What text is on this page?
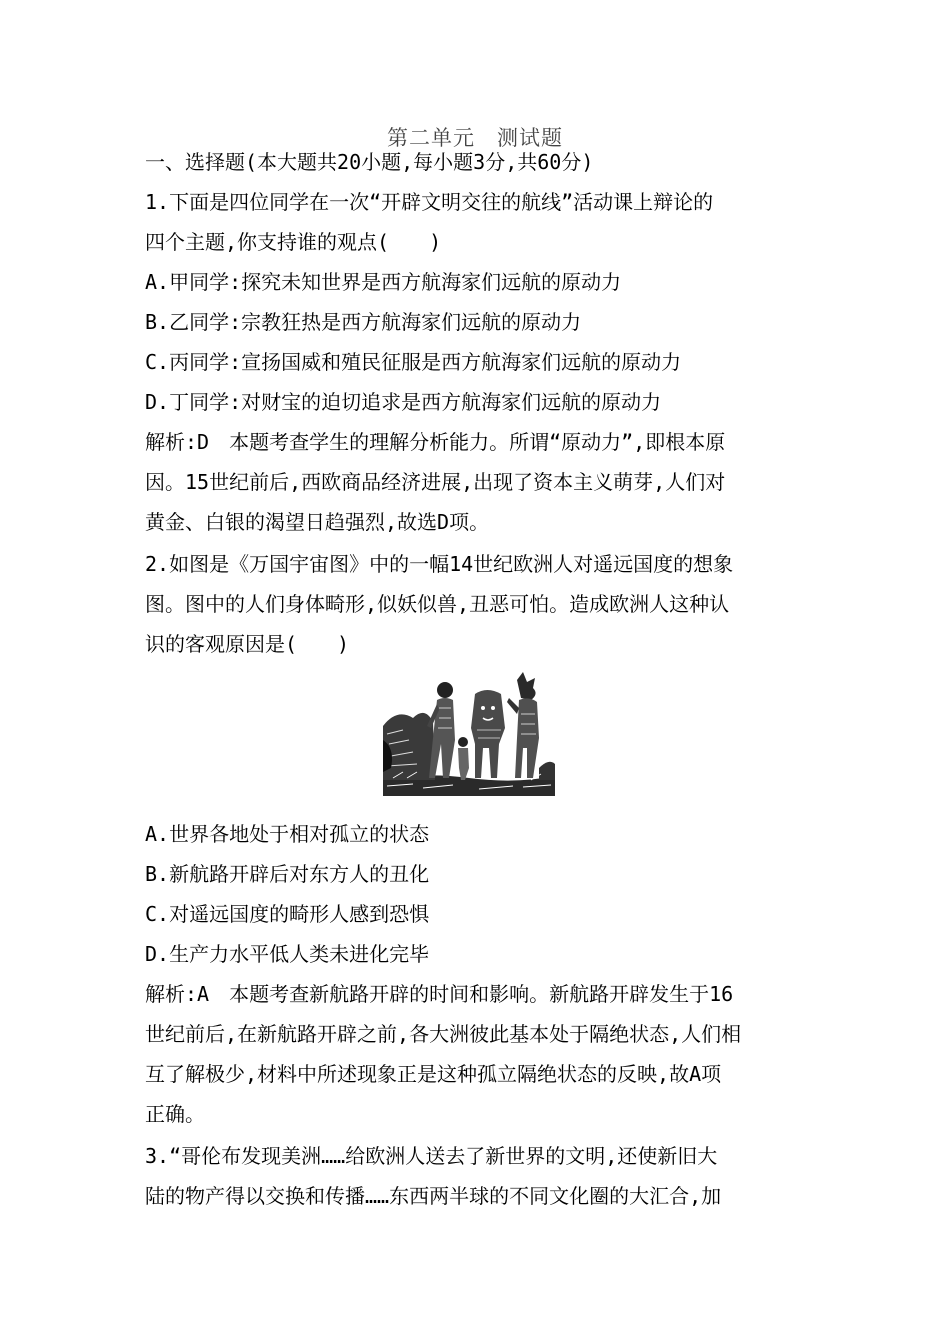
第二单元　测试题
一、选择题(本大题共20小题,每小题3分,共60分)
1.下面是四位同学在一次“开辟文明交往的航线”活动课上辩论的
四个主题,你支持谁的观点(　　)
A.甲同学:探究未知世界是西方航海家们远航的原动力
B.乙同学:宗教狂热是西方航海家们远航的原动力
C.丙同学:宣扬国威和殖民征服是西方航海家们远航的原动力
D.丁同学:对财宝的迫切追求是西方航海家们远航的原动力
解析:D　本题考查学生的理解分析能力。所谓“原动力”,即根本原
因。15世纪前后,西欧商品经济进展,出现了资本主义萌芽,人们对
黄金、白银的渴望日趋强烈,故选D项。
2.如图是《万国宇宙图》中的一幅14世纪欧洲人对遥远国度的想象
图。图中的人们身体畸形,似妖似兽,丑恶可怕。造成欧洲人这种认
识的客观原因是(　　)
A.世界各地处于相对孤立的状态
B.新航路开辟后对东方人的丑化
C.对遥远国度的畸形人感到恐惧
D.生产力水平低人类未进化完毕
解析:A　本题考查新航路开辟的时间和影响。新航路开辟发生于16
世纪前后,在新航路开辟之前,各大洲彼此基本处于隔绝状态,人们相
互了解极少,材料中所述现象正是这种孤立隔绝状态的反映,故A项
正确。
3.“哥伦布发现美洲……给欧洲人送去了新世界的文明,还使新旧大
陆的物产得以交换和传播……东西两半球的不同文化圈的大汇合,加
